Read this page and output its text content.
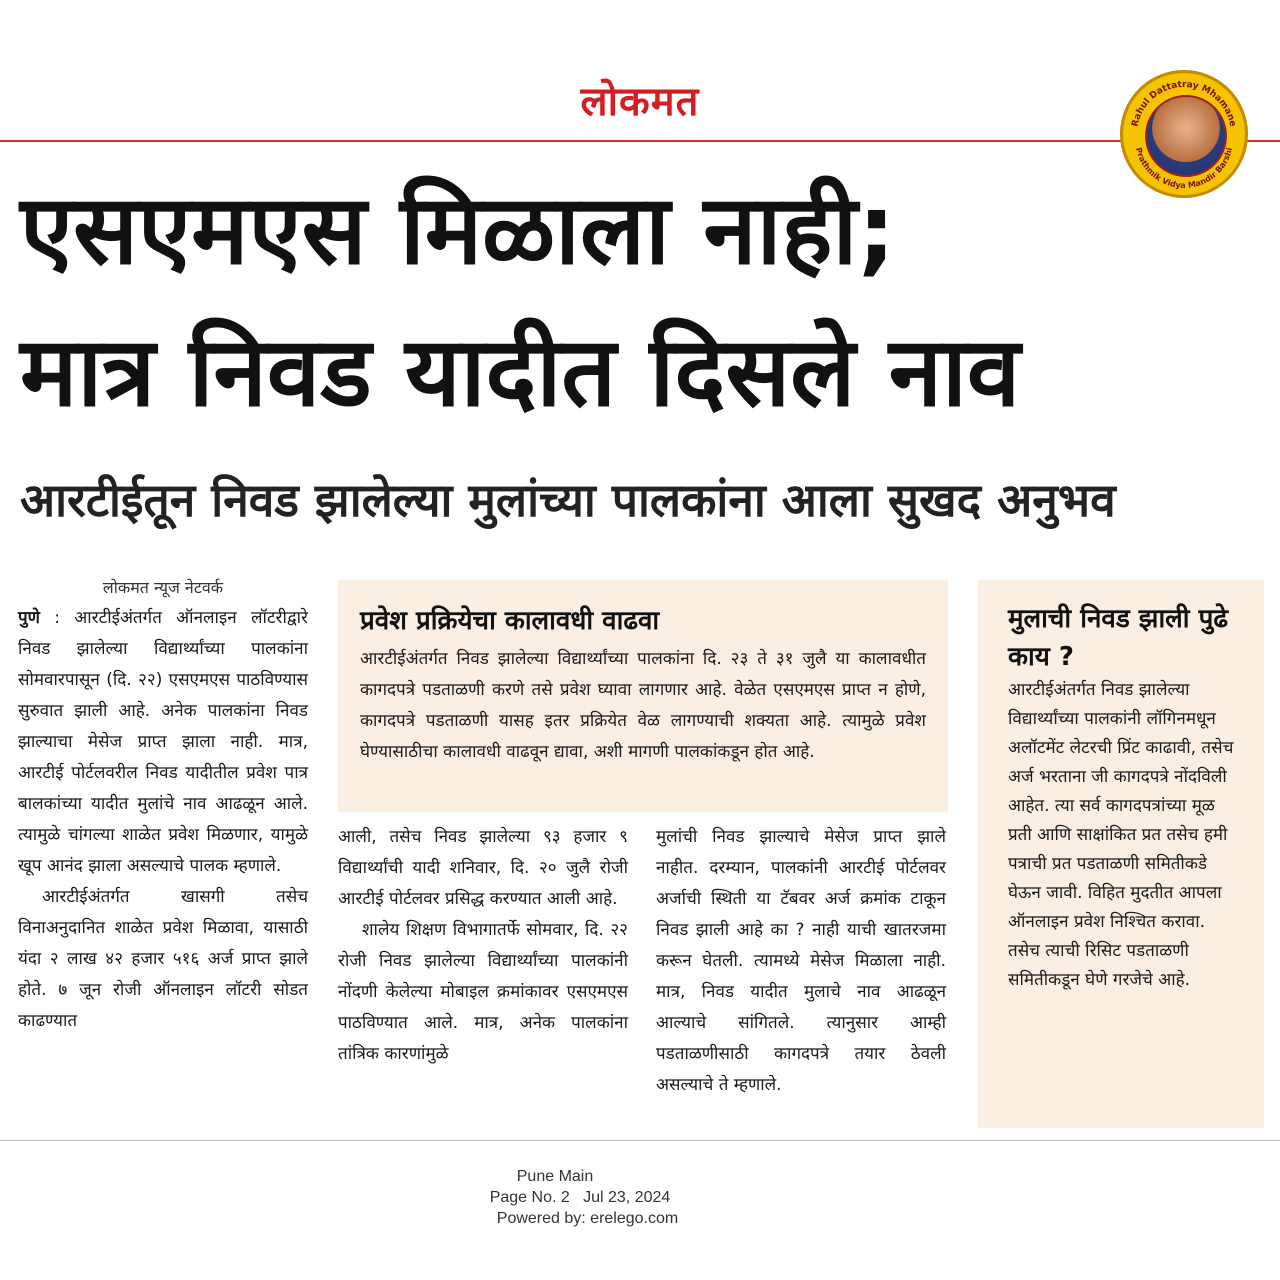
लोकमत	Rahul Dattatray Mhamane
Prathmik Vidya Mandir Barshi
एसएमएस मिळाला नाही;
मात्र निवड यादीत दिसले नाव
आरटीईतून निवड झालेल्या मुलांच्या पालकांना आला सुखद अनुभव
लोकमत न्यूज नेटवर्क

पुणे : आरटीईअंतर्गत ऑनलाइन लॉटरीद्वारे निवड झालेल्या विद्यार्थ्यांच्या पालकांना सोमवारपासून (दि. २२) एसएमएस पाठविण्यास सुरुवात झाली आहे. अनेक पालकांना निवड झाल्याचा मेसेज प्राप्त झाला नाही. मात्र, आरटीई पोर्टलवरील निवड यादीतील प्रवेश पात्र बालकांच्या यादीत मुलांचे नाव आढळून आले. त्यामुळे चांगल्या शाळेत प्रवेश मिळणार, यामुळे खूप आनंद झाला असल्याचे पालक म्हणाले.

आरटीईअंतर्गत खासगी तसेच विनाअनुदानित शाळेत प्रवेश मिळावा, यासाठी यंदा २ लाख ४२ हजार ५१६ अर्ज प्राप्त झाले होते. ७ जून रोजी ऑनलाइन लॉटरी सोडत काढण्यात

प्रवेश प्रक्रियेचा कालावधी वाढवा
आरटीईअंतर्गत निवड झालेल्या विद्यार्थ्यांच्या पालकांना दि. २३ ते ३१ जुलै या कालावधीत कागदपत्रे पडताळणी करणे तसे प्रवेश घ्यावा लागणार आहे. वेळेत एसएमएस प्राप्त न होणे, कागदपत्रे पडताळणी यासह इतर प्रक्रियेत वेळ लागण्याची शक्यता आहे. त्यामुळे प्रवेश घेण्यासाठीचा कालावधी वाढवून द्यावा, अशी मागणी पालकांकडून होत आहे.

आली, तसेच निवड झालेल्या ९३ हजार ९ विद्यार्थ्यांची यादी शनिवार, दि. २० जुलै रोजी आरटीई पोर्टलवर प्रसिद्ध करण्यात आली आहे.

शालेय शिक्षण विभागातर्फे सोमवार, दि. २२ रोजी निवड झालेल्या विद्यार्थ्यांच्या पालकांनी नोंदणी केलेल्या मोबाइल क्रमांकावर एसएमएस पाठविण्यात आले. मात्र, अनेक पालकांना तांत्रिक कारणांमुळे

मुलांची निवड झाल्याचे मेसेज प्राप्त झाले नाहीत. दरम्यान, पालकांनी आरटीई पोर्टलवर अर्जाची स्थिती या टॅबवर अर्ज क्रमांक टाकून निवड झाली आहे का ? नाही याची खातरजमा करून घेतली. त्यामध्ये मेसेज मिळाला नाही. मात्र, निवड यादीत मुलाचे नाव आढळून आल्याचे सांगितले. त्यानुसार आम्ही पडताळणीसाठी कागदपत्रे तयार ठेवली असल्याचे ते म्हणाले.

मुलाची निवड झाली पुढे काय ?
आरटीईअंतर्गत निवड झालेल्या विद्यार्थ्यांच्या पालकांनी लॉगिनमधून अलॉटमेंट लेटरची प्रिंट काढावी, तसेच अर्ज भरताना जी कागदपत्रे नोंदविली आहेत. त्या सर्व कागदपत्रांच्या मूळ प्रती आणि साक्षांकित प्रत तसेच हमी पत्राची प्रत पडताळणी समितीकडे घेऊन जावी. विहित मुदतीत आपला ऑनलाइन प्रवेश निश्चित करावा. तसेच त्याची रिसिट पडताळणी समितीकडून घेणे गरजेचे आहे.
Pune Main
Page No. 2   Jul 23, 2024
Powered by: erelego.com
